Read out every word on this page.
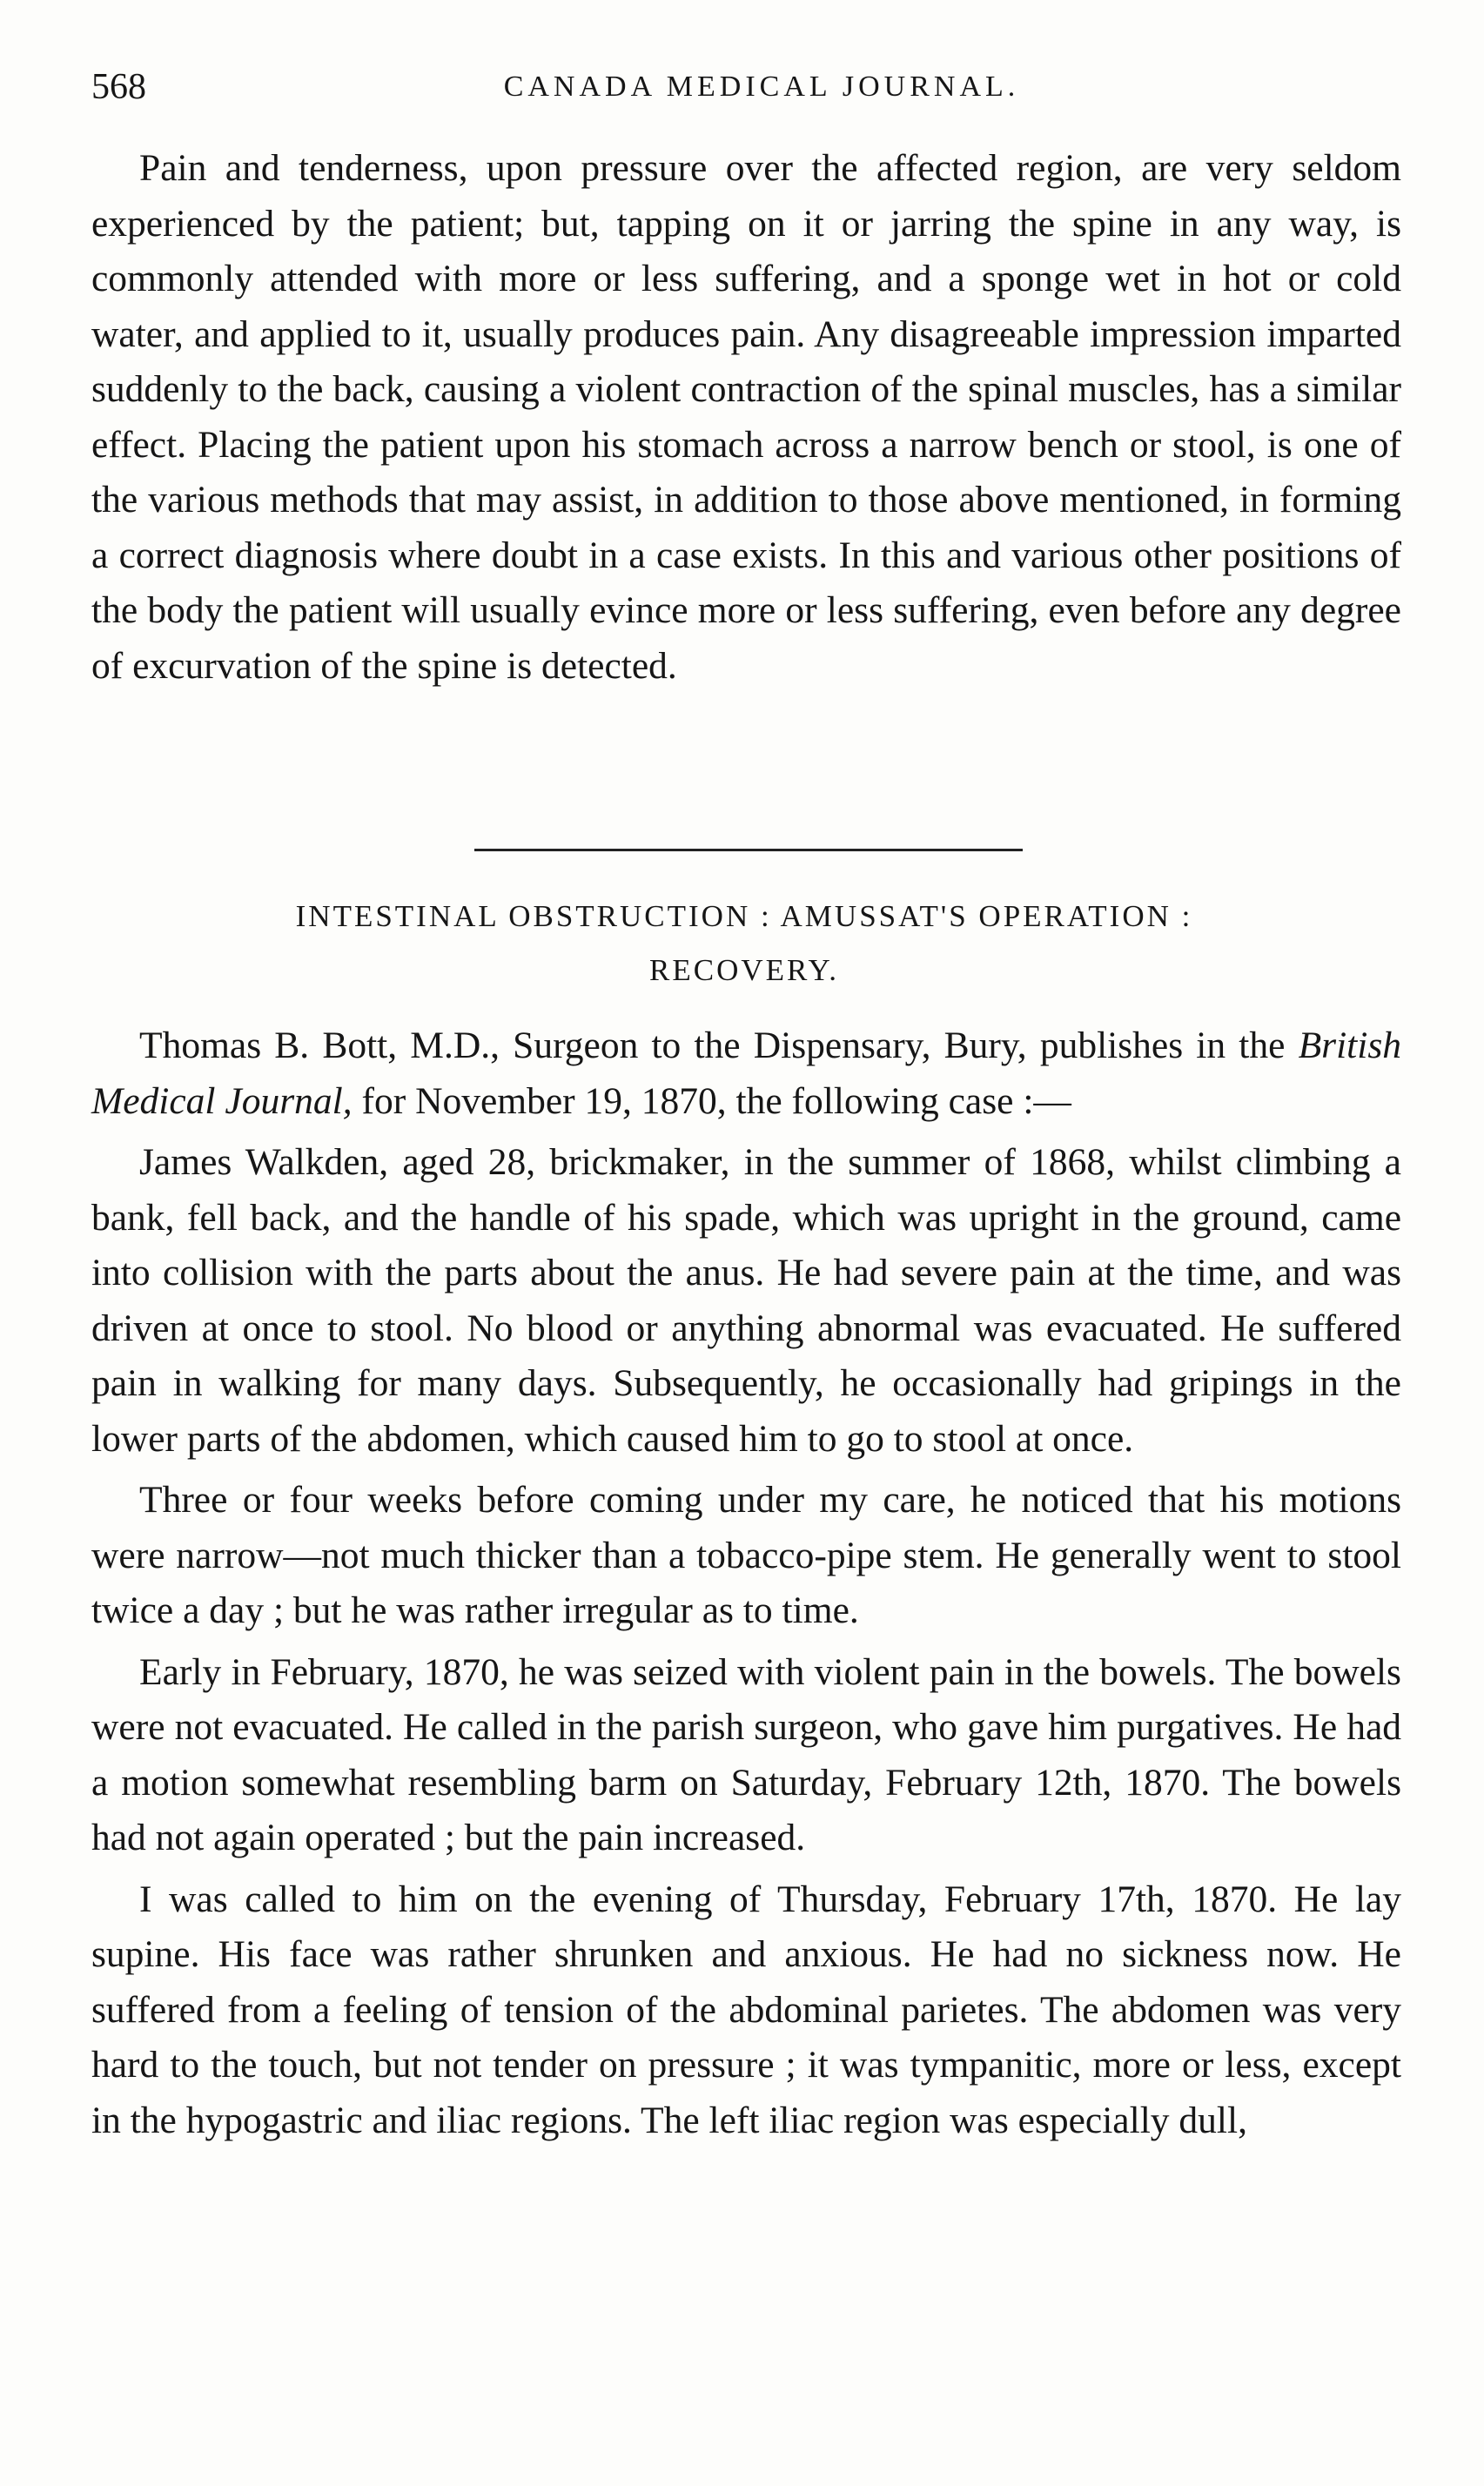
568	CANADA MEDICAL JOURNAL.

Pain and tenderness, upon pressure over the affected region, are very seldom experienced by the patient; but, tapping on it or jarring the spine in any way, is commonly attended with more or less suffering, and a sponge wet in hot or cold water, and applied to it, usually produces pain. Any disagreeable impression imparted suddenly to the back, causing a violent contraction of the spinal muscles, has a similar effect. Placing the patient upon his stomach across a narrow bench or stool, is one of the various methods that may assist, in addition to those above mentioned, in forming a correct diagnosis where doubt in a case exists. In this and various other positions of the body the patient will usually evince more or less suffering, even before any degree of excurvation of the spine is detected.

INTESTINAL OBSTRUCTION : AMUSSAT'S OPERATION :
RECOVERY.

Thomas B. Bott, M.D., Surgeon to the Dispensary, Bury, publishes in the British Medical Journal, for November 19, 1870, the following case :—

James Walkden, aged 28, brickmaker, in the summer of 1868, whilst climbing a bank, fell back, and the handle of his spade, which was upright in the ground, came into collision with the parts about the anus. He had severe pain at the time, and was driven at once to stool. No blood or anything abnormal was evacuated. He suffered pain in walking for many days. Subsequently, he occasionally had gripings in the lower parts of the abdomen, which caused him to go to stool at once.

Three or four weeks before coming under my care, he noticed that his motions were narrow—not much thicker than a tobacco-pipe stem. He generally went to stool twice a day ; but he was rather irregular as to time.

Early in February, 1870, he was seized with violent pain in the bowels. The bowels were not evacuated. He called in the parish surgeon, who gave him purgatives. He had a motion somewhat resembling barm on Saturday, February 12th, 1870. The bowels had not again operated ; but the pain increased.

I was called to him on the evening of Thursday, February 17th, 1870. He lay supine. His face was rather shrunken and anxious. He had no sickness now. He suffered from a feeling of tension of the abdominal parietes. The abdomen was very hard to the touch, but not tender on pressure ; it was tympanitic, more or less, except in the hypogastric and iliac regions. The left iliac region was especially dull,
